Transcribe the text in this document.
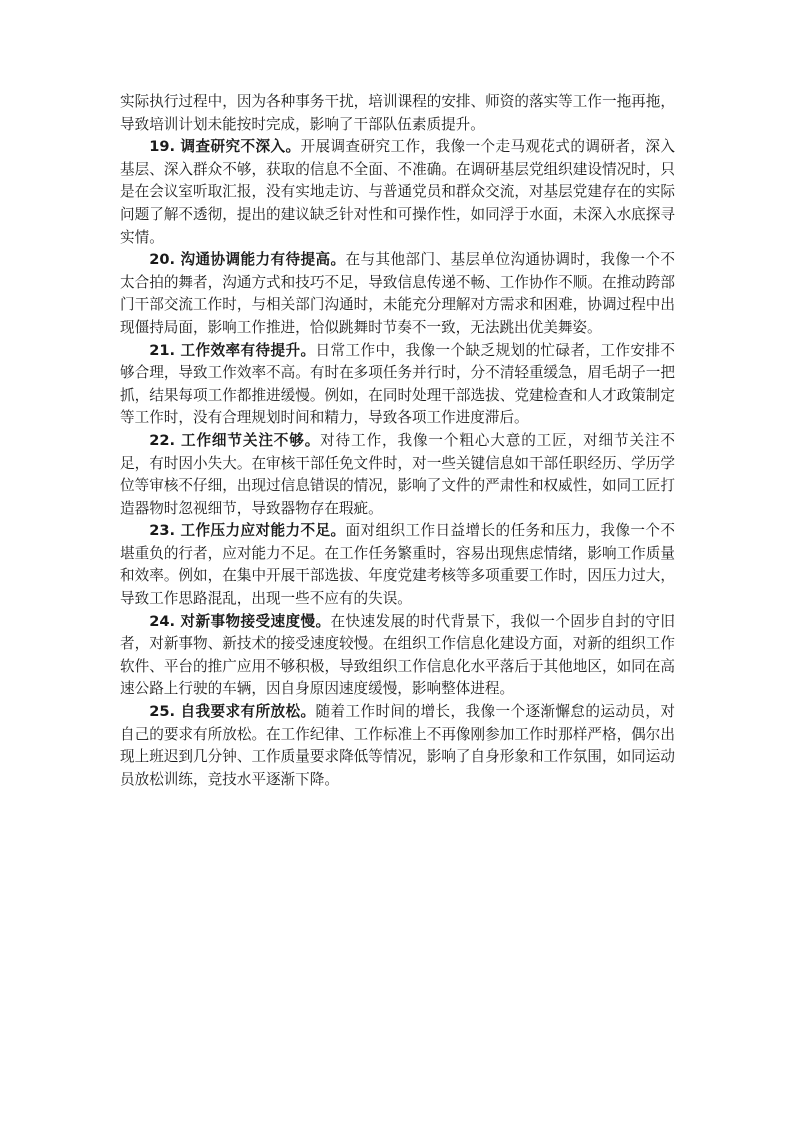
实际执行过程中，因为各种事务干扰，培训课程的安排、师资的落实等工作一拖再拖，导致培训计划未能按时完成，影响了干部队伍素质提升。

19. 调查研究不深入。开展调查研究工作，我像一个走马观花式的调研者，深入基层、深入群众不够，获取的信息不全面、不准确。在调研基层党组织建设情况时，只是在会议室听取汇报，没有实地走访、与普通党员和群众交流，对基层党建存在的实际问题了解不透彻，提出的建议缺乏针对性和可操作性，如同浮于水面，未深入水底探寻实情。

20. 沟通协调能力有待提高。在与其他部门、基层单位沟通协调时，我像一个不太合拍的舞者，沟通方式和技巧不足，导致信息传递不畅、工作协作不顺。在推动跨部门干部交流工作时，与相关部门沟通时，未能充分理解对方需求和困难，协调过程中出现僵持局面，影响工作推进，恰似跳舞时节奏不一致，无法跳出优美舞姿。

21. 工作效率有待提升。日常工作中，我像一个缺乏规划的忙碌者，工作安排不够合理，导致工作效率不高。有时在多项任务并行时，分不清轻重缓急，眉毛胡子一把抓，结果每项工作都推进缓慢。例如，在同时处理干部选拔、党建检查和人才政策制定等工作时，没有合理规划时间和精力，导致各项工作进度滞后。

22. 工作细节关注不够。对待工作，我像一个粗心大意的工匠，对细节关注不足，有时因小失大。在审核干部任免文件时，对一些关键信息如干部任职经历、学历学位等审核不仔细，出现过信息错误的情况，影响了文件的严肃性和权威性，如同工匠打造器物时忽视细节，导致器物存在瑕疵。

23. 工作压力应对能力不足。面对组织工作日益增长的任务和压力，我像一个不堪重负的行者，应对能力不足。在工作任务繁重时，容易出现焦虑情绪，影响工作质量和效率。例如，在集中开展干部选拔、年度党建考核等多项重要工作时，因压力过大，导致工作思路混乱，出现一些不应有的失误。

24. 对新事物接受速度慢。在快速发展的时代背景下，我似一个固步自封的守旧者，对新事物、新技术的接受速度较慢。在组织工作信息化建设方面，对新的组织工作软件、平台的推广应用不够积极，导致组织工作信息化水平落后于其他地区，如同在高速公路上行驶的车辆，因自身原因速度缓慢，影响整体进程。

25. 自我要求有所放松。随着工作时间的增长，我像一个逐渐懈怠的运动员，对自己的要求有所放松。在工作纪律、工作标准上不再像刚参加工作时那样严格，偶尔出现上班迟到几分钟、工作质量要求降低等情况，影响了自身形象和工作氛围，如同运动员放松训练，竞技水平逐渐下降。
